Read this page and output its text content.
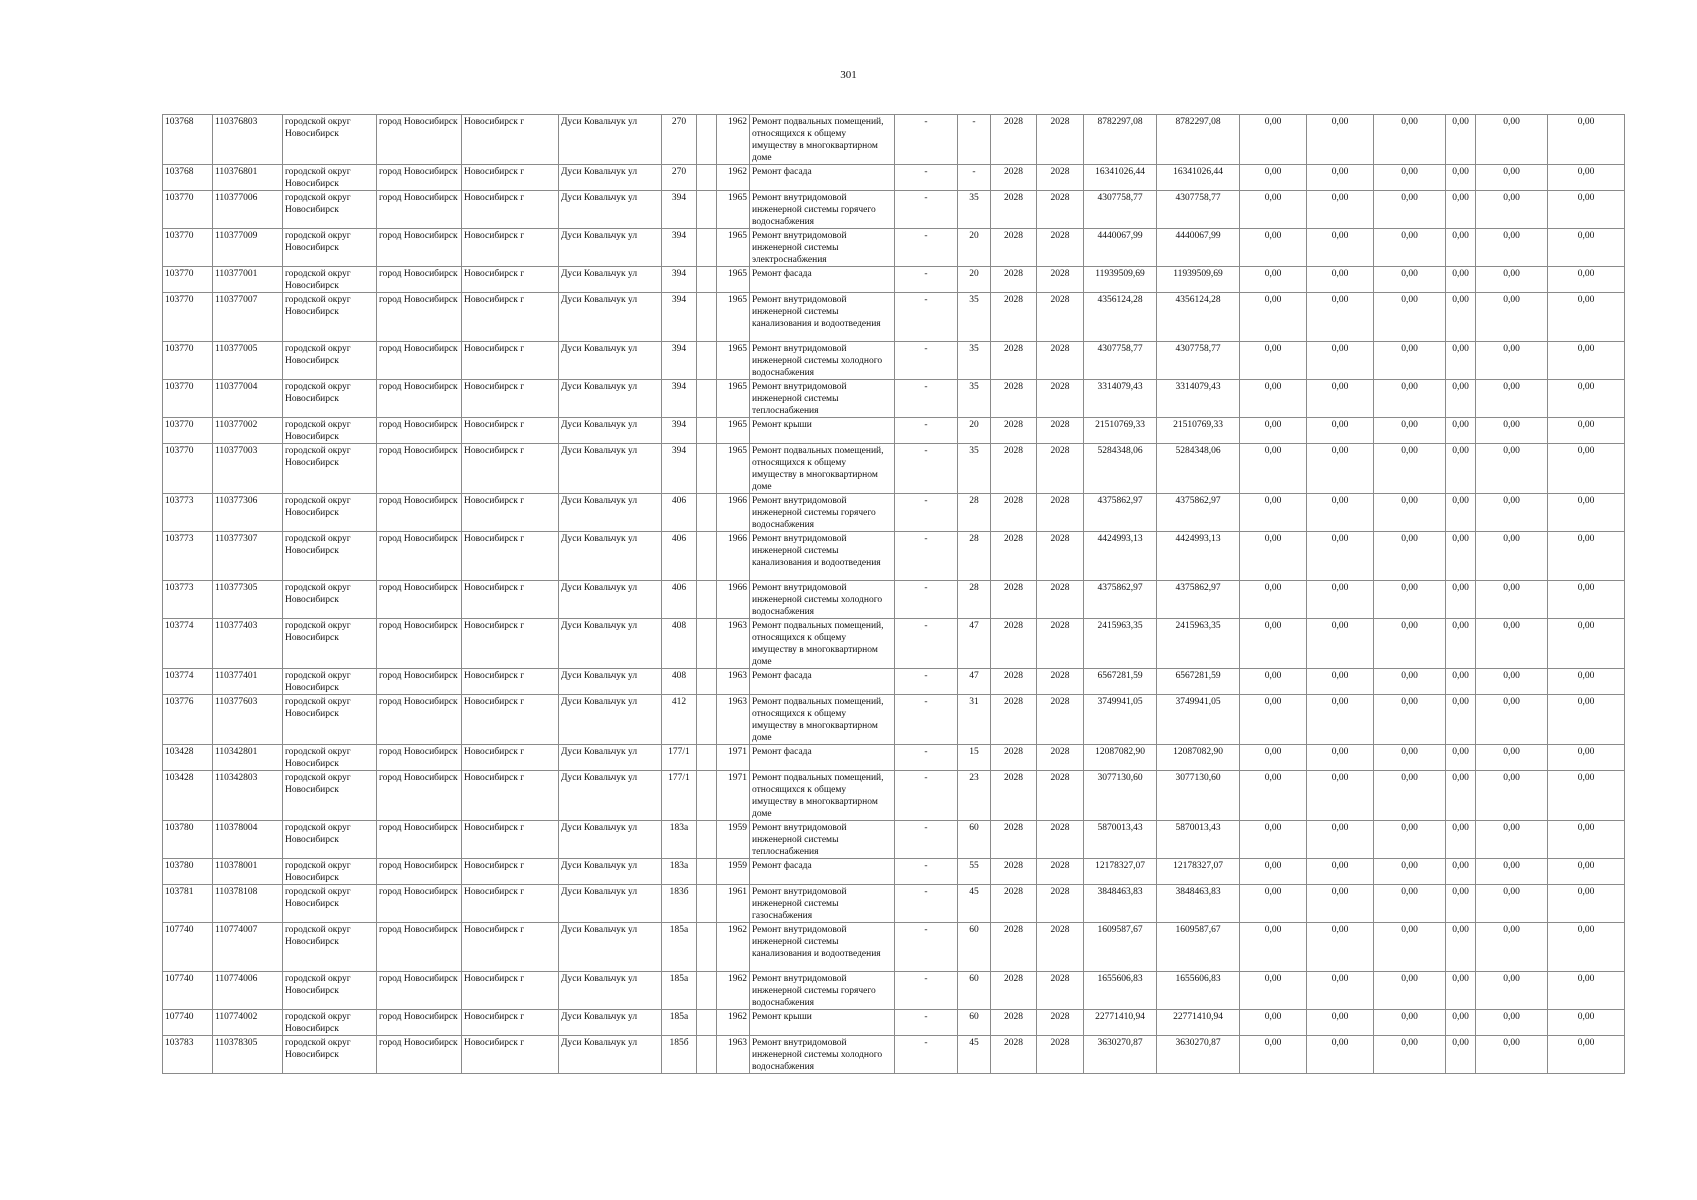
301
103768	110376803	городской округ Новосибирск	город Новосибирск	Новосибирск г	Дуси Ковальчук ул	270		1962	Ремонт подвальных помещений, относящихся к общему имуществу в многоквартирном доме	-	-	2028	2028	8782297,08	8782297,08	0,00	0,00	0,00	0,00	0,00	0,00
103768	110376801	городской округ Новосибирск	город Новосибирск	Новосибирск г	Дуси Ковальчук ул	270		1962	Ремонт фасада	-	-	2028	2028	16341026,44	16341026,44	0,00	0,00	0,00	0,00	0,00	0,00
103770	110377006	городской округ Новосибирск	город Новосибирск	Новосибирск г	Дуси Ковальчук ул	394		1965	Ремонт внутридомовой инженерной системы горячего водоснабжения	-	35	2028	2028	4307758,77	4307758,77	0,00	0,00	0,00	0,00	0,00	0,00
103770	110377009	городской округ Новосибирск	город Новосибирск	Новосибирск г	Дуси Ковальчук ул	394		1965	Ремонт внутридомовой инженерной системы электроснабжения	-	20	2028	2028	4440067,99	4440067,99	0,00	0,00	0,00	0,00	0,00	0,00
103770	110377001	городской округ Новосибирск	город Новосибирск	Новосибирск г	Дуси Ковальчук ул	394		1965	Ремонт фасада	-	20	2028	2028	11939509,69	11939509,69	0,00	0,00	0,00	0,00	0,00	0,00
103770	110377007	городской округ Новосибирск	город Новосибирск	Новосибирск г	Дуси Ковальчук ул	394		1965	Ремонт внутридомовой инженерной системы канализования и водоотведения	-	35	2028	2028	4356124,28	4356124,28	0,00	0,00	0,00	0,00	0,00	0,00
103770	110377005	городской округ Новосибирск	город Новосибирск	Новосибирск г	Дуси Ковальчук ул	394		1965	Ремонт внутридомовой инженерной системы холодного водоснабжения	-	35	2028	2028	4307758,77	4307758,77	0,00	0,00	0,00	0,00	0,00	0,00
103770	110377004	городской округ Новосибирск	город Новосибирск	Новосибирск г	Дуси Ковальчук ул	394		1965	Ремонт внутридомовой инженерной системы теплоснабжения	-	35	2028	2028	3314079,43	3314079,43	0,00	0,00	0,00	0,00	0,00	0,00
103770	110377002	городской округ Новосибирск	город Новосибирск	Новосибирск г	Дуси Ковальчук ул	394		1965	Ремонт крыши	-	20	2028	2028	21510769,33	21510769,33	0,00	0,00	0,00	0,00	0,00	0,00
103770	110377003	городской округ Новосибирск	город Новосибирск	Новосибирск г	Дуси Ковальчук ул	394		1965	Ремонт подвальных помещений, относящихся к общему имуществу в многоквартирном доме	-	35	2028	2028	5284348,06	5284348,06	0,00	0,00	0,00	0,00	0,00	0,00
103773	110377306	городской округ Новосибирск	город Новосибирск	Новосибирск г	Дуси Ковальчук ул	406		1966	Ремонт внутридомовой инженерной системы горячего водоснабжения	-	28	2028	2028	4375862,97	4375862,97	0,00	0,00	0,00	0,00	0,00	0,00
103773	110377307	городской округ Новосибирск	город Новосибирск	Новосибирск г	Дуси Ковальчук ул	406		1966	Ремонт внутридомовой инженерной системы канализования и водоотведения	-	28	2028	2028	4424993,13	4424993,13	0,00	0,00	0,00	0,00	0,00	0,00
103773	110377305	городской округ Новосибирск	город Новосибирск	Новосибирск г	Дуси Ковальчук ул	406		1966	Ремонт внутридомовой инженерной системы холодного водоснабжения	-	28	2028	2028	4375862,97	4375862,97	0,00	0,00	0,00	0,00	0,00	0,00
103774	110377403	городской округ Новосибирск	город Новосибирск	Новосибирск г	Дуси Ковальчук ул	408		1963	Ремонт подвальных помещений, относящихся к общему имуществу в многоквартирном доме	-	47	2028	2028	2415963,35	2415963,35	0,00	0,00	0,00	0,00	0,00	0,00
103774	110377401	городской округ Новосибирск	город Новосибирск	Новосибирск г	Дуси Ковальчук ул	408		1963	Ремонт фасада	-	47	2028	2028	6567281,59	6567281,59	0,00	0,00	0,00	0,00	0,00	0,00
103776	110377603	городской округ Новосибирск	город Новосибирск	Новосибирск г	Дуси Ковальчук ул	412		1963	Ремонт подвальных помещений, относящихся к общему имуществу в многоквартирном доме	-	31	2028	2028	3749941,05	3749941,05	0,00	0,00	0,00	0,00	0,00	0,00
103428	110342801	городской округ Новосибирск	город Новосибирск	Новосибирск г	Дуси Ковальчук ул	177/1		1971	Ремонт фасада	-	15	2028	2028	12087082,90	12087082,90	0,00	0,00	0,00	0,00	0,00	0,00
103428	110342803	городской округ Новосибирск	город Новосибирск	Новосибирск г	Дуси Ковальчук ул	177/1		1971	Ремонт подвальных помещений, относящихся к общему имуществу в многоквартирном доме	-	23	2028	2028	3077130,60	3077130,60	0,00	0,00	0,00	0,00	0,00	0,00
103780	110378004	городской округ Новосибирск	город Новосибирск	Новосибирск г	Дуси Ковальчук ул	183а		1959	Ремонт внутридомовой инженерной системы теплоснабжения	-	60	2028	2028	5870013,43	5870013,43	0,00	0,00	0,00	0,00	0,00	0,00
103780	110378001	городской округ Новосибирск	город Новосибирск	Новосибирск г	Дуси Ковальчук ул	183а		1959	Ремонт фасада	-	55	2028	2028	12178327,07	12178327,07	0,00	0,00	0,00	0,00	0,00	0,00
103781	110378108	городской округ Новосибирск	город Новосибирск	Новосибирск г	Дуси Ковальчук ул	183б		1961	Ремонт внутридомовой инженерной системы газоснабжения	-	45	2028	2028	3848463,83	3848463,83	0,00	0,00	0,00	0,00	0,00	0,00
107740	110774007	городской округ Новосибирск	город Новосибирск	Новосибирск г	Дуси Ковальчук ул	185а		1962	Ремонт внутридомовой инженерной системы канализования и водоотведения	-	60	2028	2028	1609587,67	1609587,67	0,00	0,00	0,00	0,00	0,00	0,00
107740	110774006	городской округ Новосибирск	город Новосибирск	Новосибирск г	Дуси Ковальчук ул	185а		1962	Ремонт внутридомовой инженерной системы горячего водоснабжения	-	60	2028	2028	1655606,83	1655606,83	0,00	0,00	0,00	0,00	0,00	0,00
107740	110774002	городской округ Новосибирск	город Новосибирск	Новосибирск г	Дуси Ковальчук ул	185а		1962	Ремонт крыши	-	60	2028	2028	22771410,94	22771410,94	0,00	0,00	0,00	0,00	0,00	0,00
103783	110378305	городской округ Новосибирск	город Новосибирск	Новосибирск г	Дуси Ковальчук ул	185б		1963	Ремонт внутридомовой инженерной системы холодного водоснабжения	-	45	2028	2028	3630270,87	3630270,87	0,00	0,00	0,00	0,00	0,00	0,00
